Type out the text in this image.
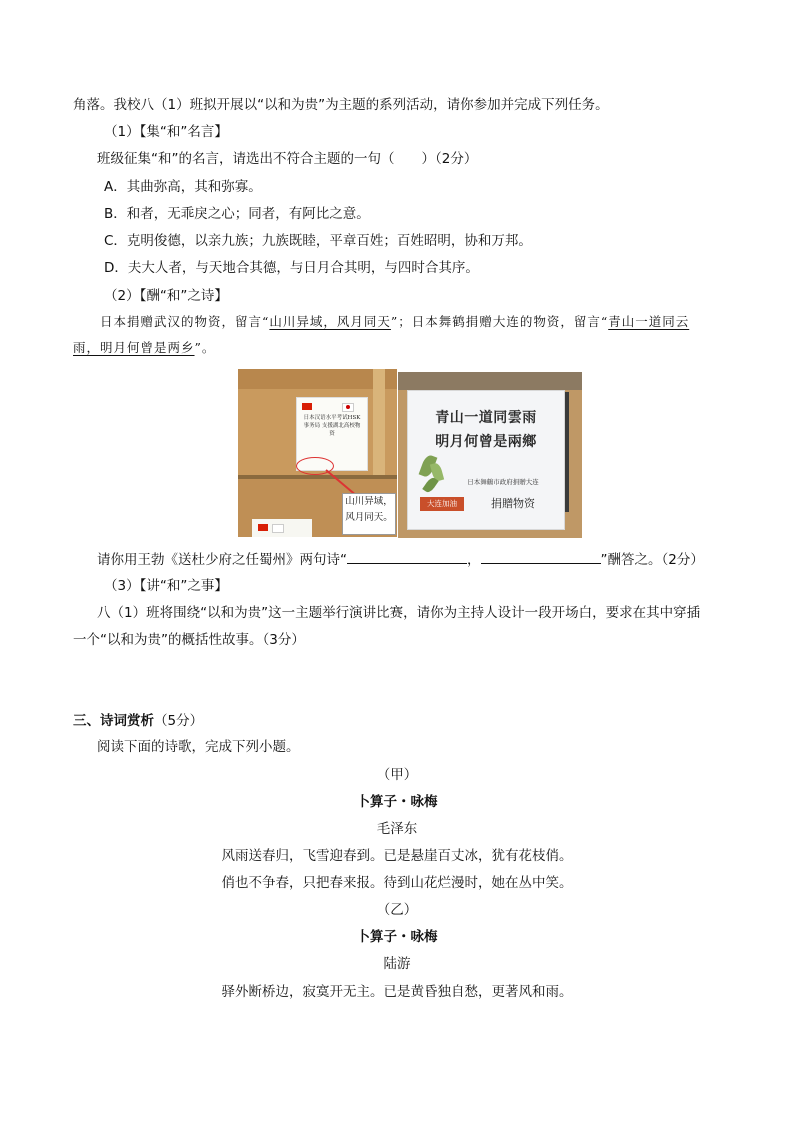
角落。我校八（1）班拟开展以“以和为贵”为主题的系列活动，请你参加并完成下列任务。
（1）【集“和”名言】
班级征集“和”的名言，请选出不符合主题的一句（　　）（2分）
A．其曲弥高，其和弥寡。
B．和者，无乖戾之心；同者，有阿比之意。
C．克明俊德，以亲九族；九族既睦，平章百姓；百姓昭明，协和万邦。
D．夫大人者，与天地合其德，与日月合其明，与四时合其序。
（2）【酬“和”之诗】
日本捐赠武汉的物资，留言“山川异域，风月同天”；日本舞鹤捐赠大连的物资，留言“青山一道同云
雨，明月何曾是两乡”。
日本汉语水平考试HSK事务局 支援湖北高校物资
山川异域，
风月同天。
青山一道同雲雨
明月何曾是兩鄉
日本舞鶴市政府捐贈大连
大连加油	捐贈物资
请你用王勃《送杜少府之任蜀州》两句诗“	，	”酬答之。（2分）
（3）【讲“和”之事】
八（1）班将围绕“以和为贵”这一主题举行演讲比赛，请你为主持人设计一段开场白，要求在其中穿插
一个“以和为贵”的概括性故事。（3分）
三、诗词赏析（5分）
阅读下面的诗歌，完成下列小题。
（甲）
卜算子・咏梅
毛泽东
风雨送春归，飞雪迎春到。已是悬崖百丈冰，犹有花枝俏。
俏也不争春，只把春来报。待到山花烂漫时，她在丛中笑。
（乙）
卜算子・咏梅
陆游
驿外断桥边，寂寞开无主。已是黄昏独自愁，更著风和雨。
